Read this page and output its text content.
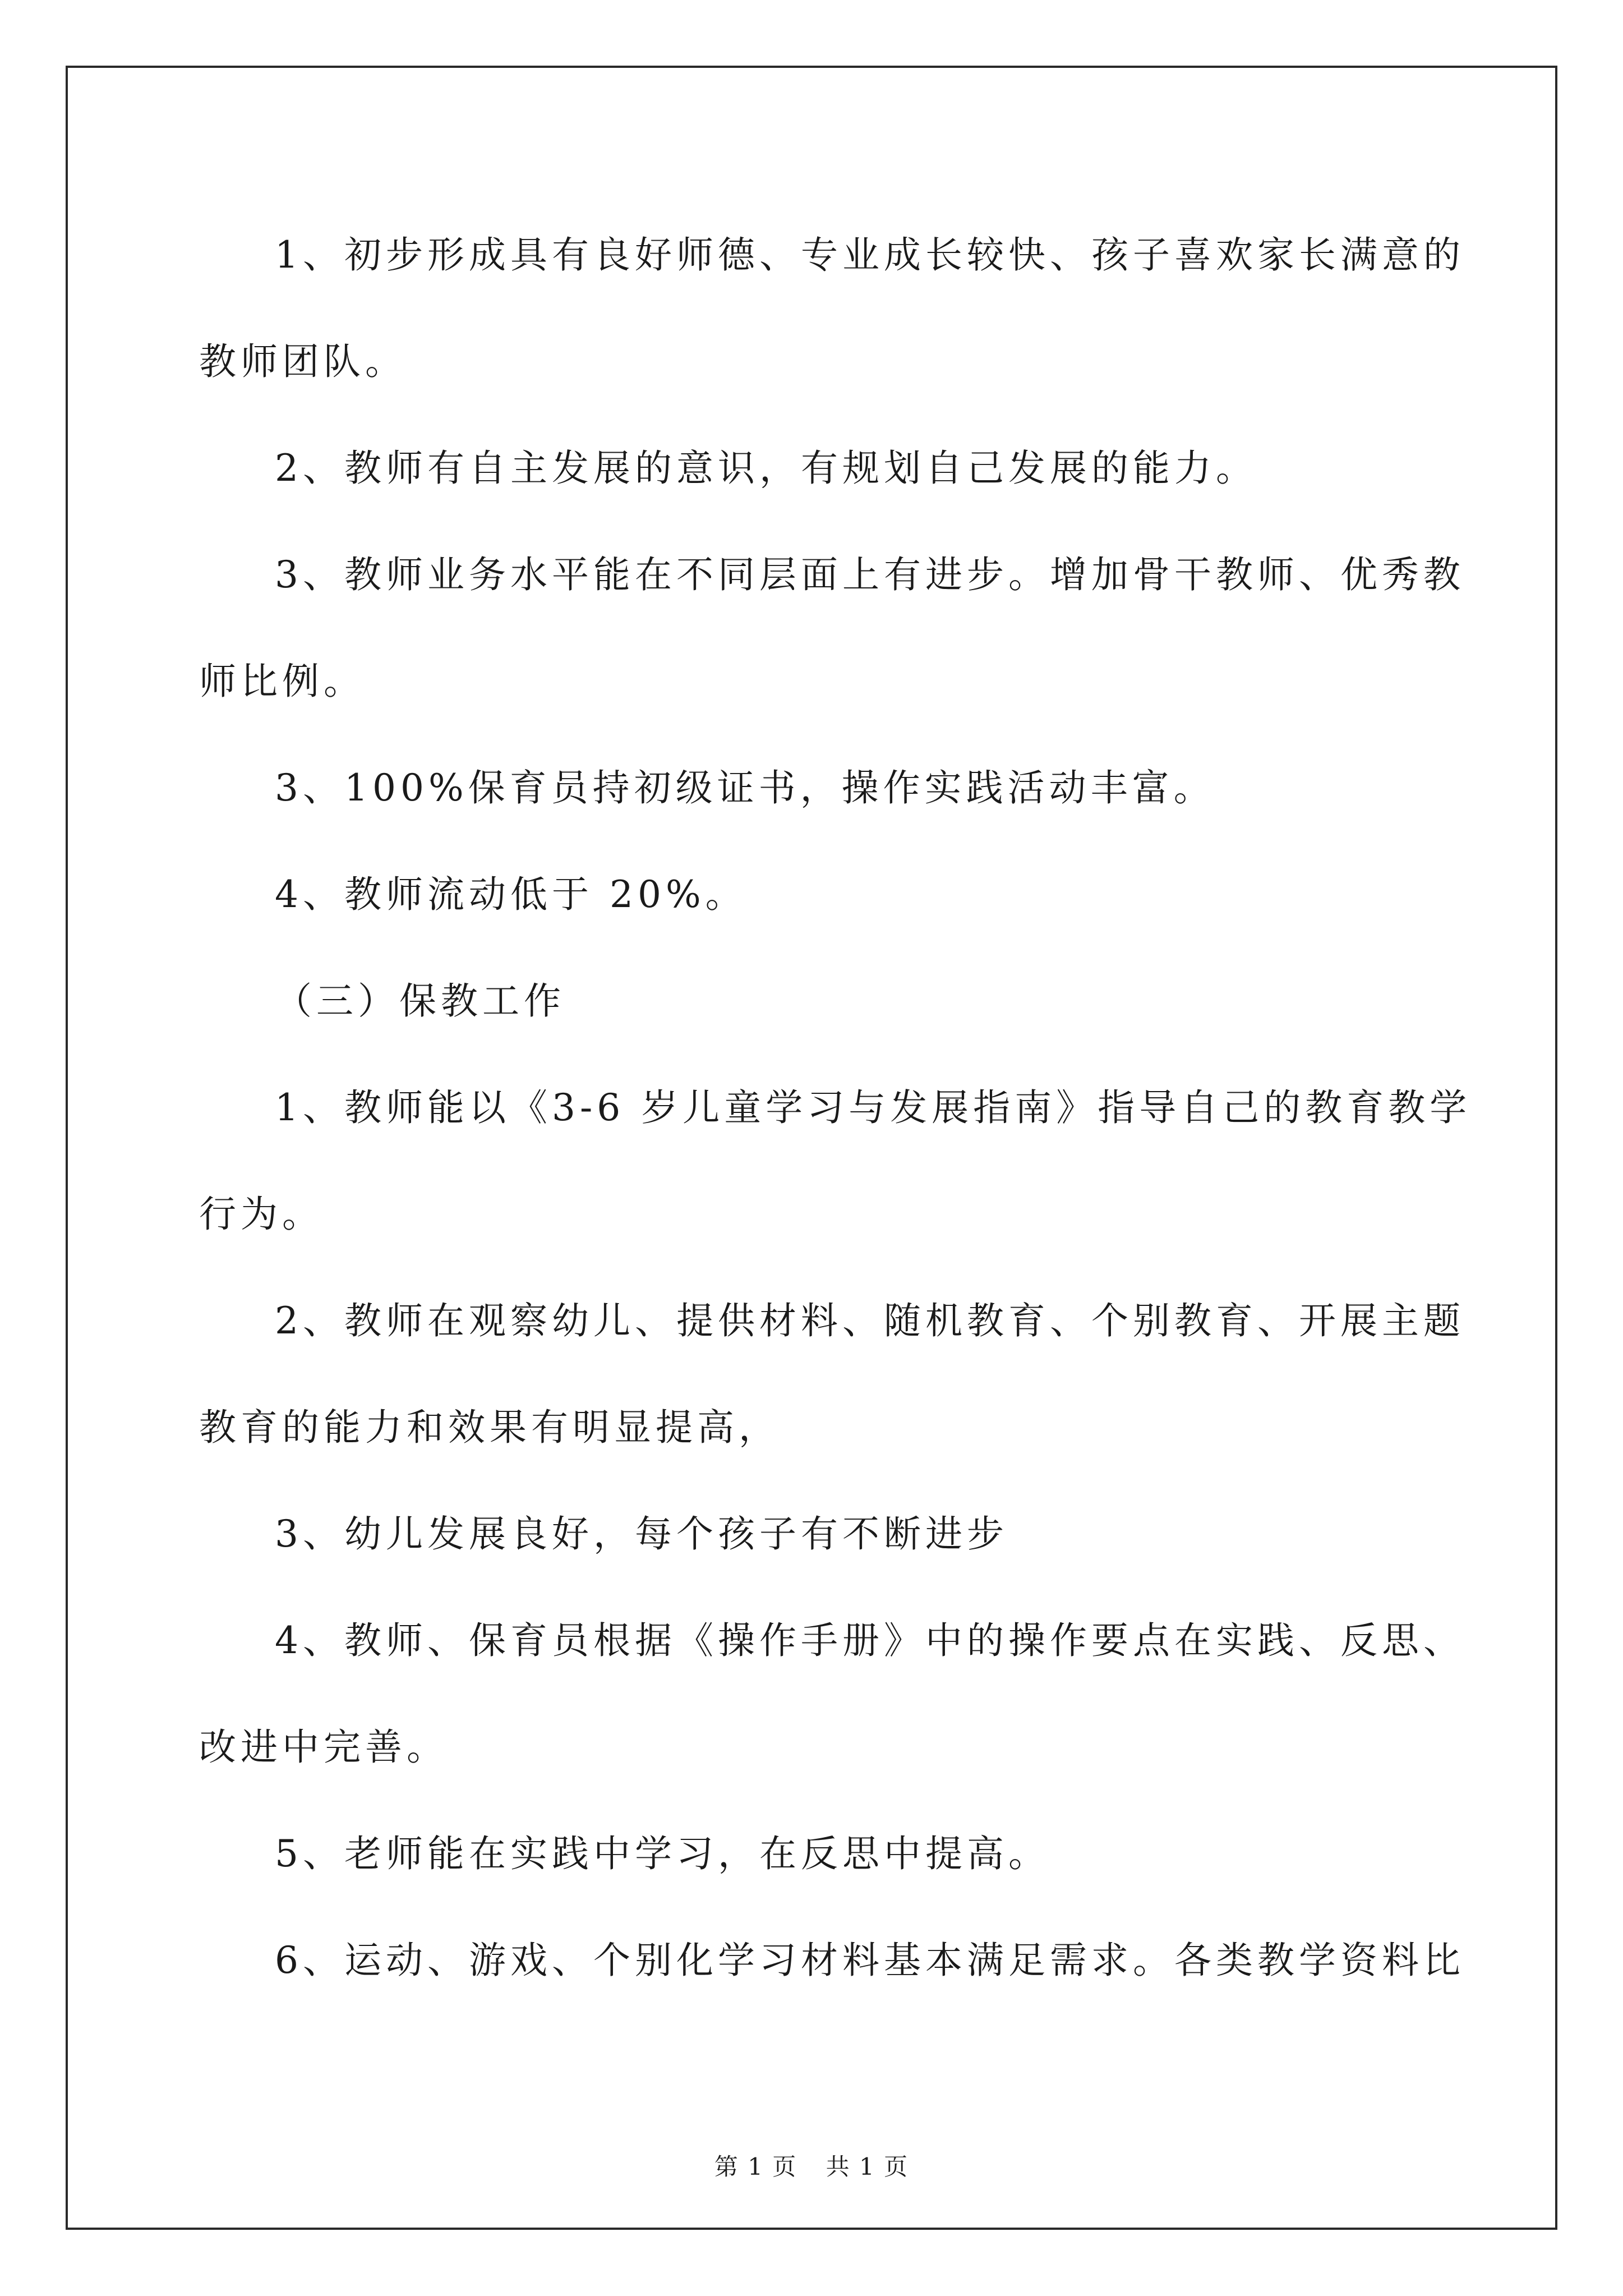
1、初步形成具有良好师德、专业成长较快、孩子喜欢家长满意的

教师团队。

2、教师有自主发展的意识，有规划自己发展的能力。

3、教师业务水平能在不同层面上有进步。增加骨干教师、优秀教

师比例。

3、100%保育员持初级证书，操作实践活动丰富。

4、教师流动低于 20%。

（三）保教工作

1、教师能以《3-6 岁儿童学习与发展指南》指导自己的教育教学

行为。

2、教师在观察幼儿、提供材料、随机教育、个别教育、开展主题

教育的能力和效果有明显提高，

3、幼儿发展良好，每个孩子有不断进步

4、教师、保育员根据《操作手册》中的操作要点在实践、反思、

改进中完善。

5、老师能在实践中学习，在反思中提高。

6、运动、游戏、个别化学习材料基本满足需求。各类教学资料比

第 1 页 共 1 页
